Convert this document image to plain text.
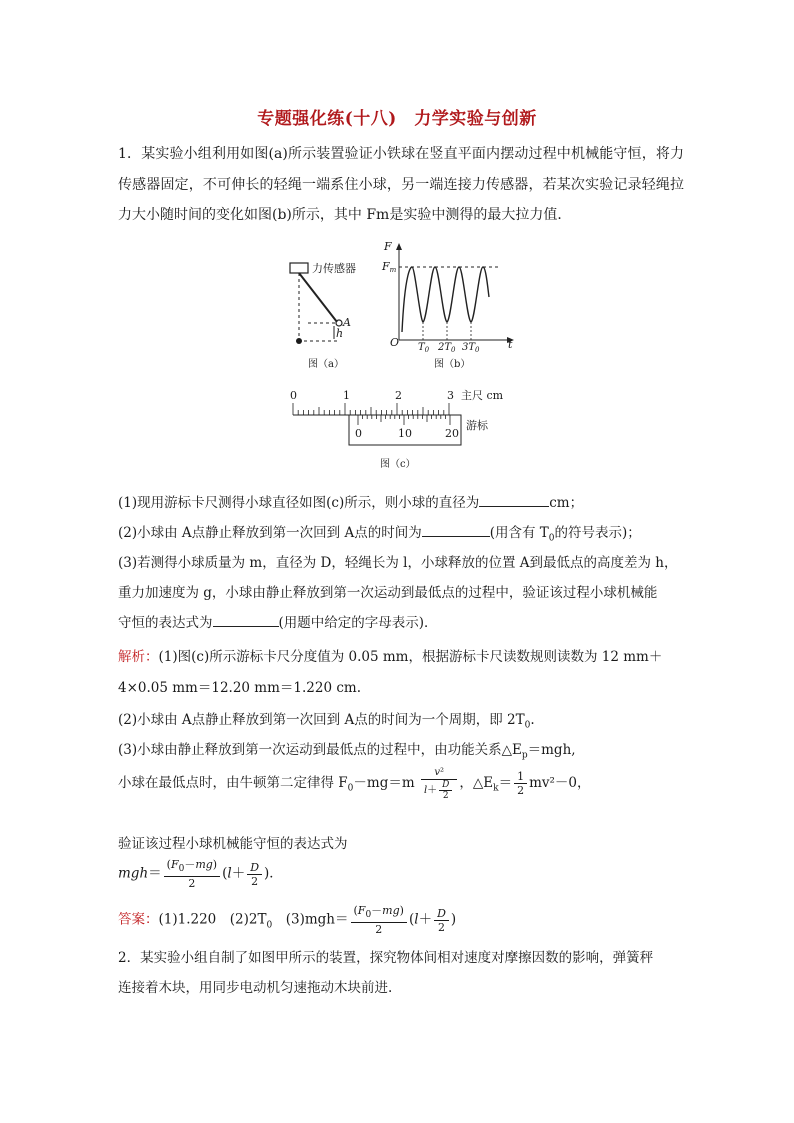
专题强化练(十八)　力学实验与创新
1．某实验小组利用如图(a)所示装置验证小铁球在竖直平面内摆动过程中机械能守恒，将力传感器固定，不可伸长的轻绳一端系住小球，另一端连接力传感器，若某次实验记录轻绳拉力大小随时间的变化如图(b)所示，其中 Fm是实验中测得的最大拉力值．
力传感器
A
h
图（a）
F
Fm
O	t
$T_0$ $2T_0$ $3T_0$
图（b）
0	1	2	3 主尺 cm
0	10	20
游标
图（c）
(1)现用游标卡尺测得小球直径如图(c)所示，则小球的直径为	cm；
(2)小球由 A点静止释放到第一次回到 A点的时间为	(用含有 $T_0$的符号表示)；
(3)若测得小球质量为 m，直径为 D，轻绳长为 l，小球释放的位置 A到最低点的高度差为 h，
重力加速度为 g，小球由静止释放到第一次运动到最低点的过程中，验证该过程小球机械能
守恒的表达式为	(用题中给定的字母表示)．
解析：(1)图(c)所示游标卡尺分度值为 0.05 mm，根据游标卡尺读数规则读数为 12 mm＋
4×0.05 mm＝12.20 mm＝1.220 cm.
(2)小球由 A点静止释放到第一次回到 A点的时间为一个周期，即 $2T_0$.
(3)小球由静止释放到第一次运动到最低点的过程中，由功能关系$\triangle E_p=mgh$,
小球在最低点时，由牛顿第二定律得 $F_0-mg=m \frac{\text{v²}}{l+ \frac{D}{2}}$ ，$\triangle E_k= \frac{1}{2} mv^2-0$，
验证该过程小球机械能守恒的表达式为
$mgh= \frac{(F_0-mg)}{2} (l+ \frac{D}{2}$ )．
答案：(1)1.220　$(2)2T_0$　$(3)mgh= \frac{(F_0-mg)}{2} (l+ \frac{D}{2}$ )
2．某实验小组自制了如图甲所示的装置，探究物体间相对速度对摩擦因数的影响，弹簧秤
连接着木块，用同步电动机匀速拖动木块前进.
